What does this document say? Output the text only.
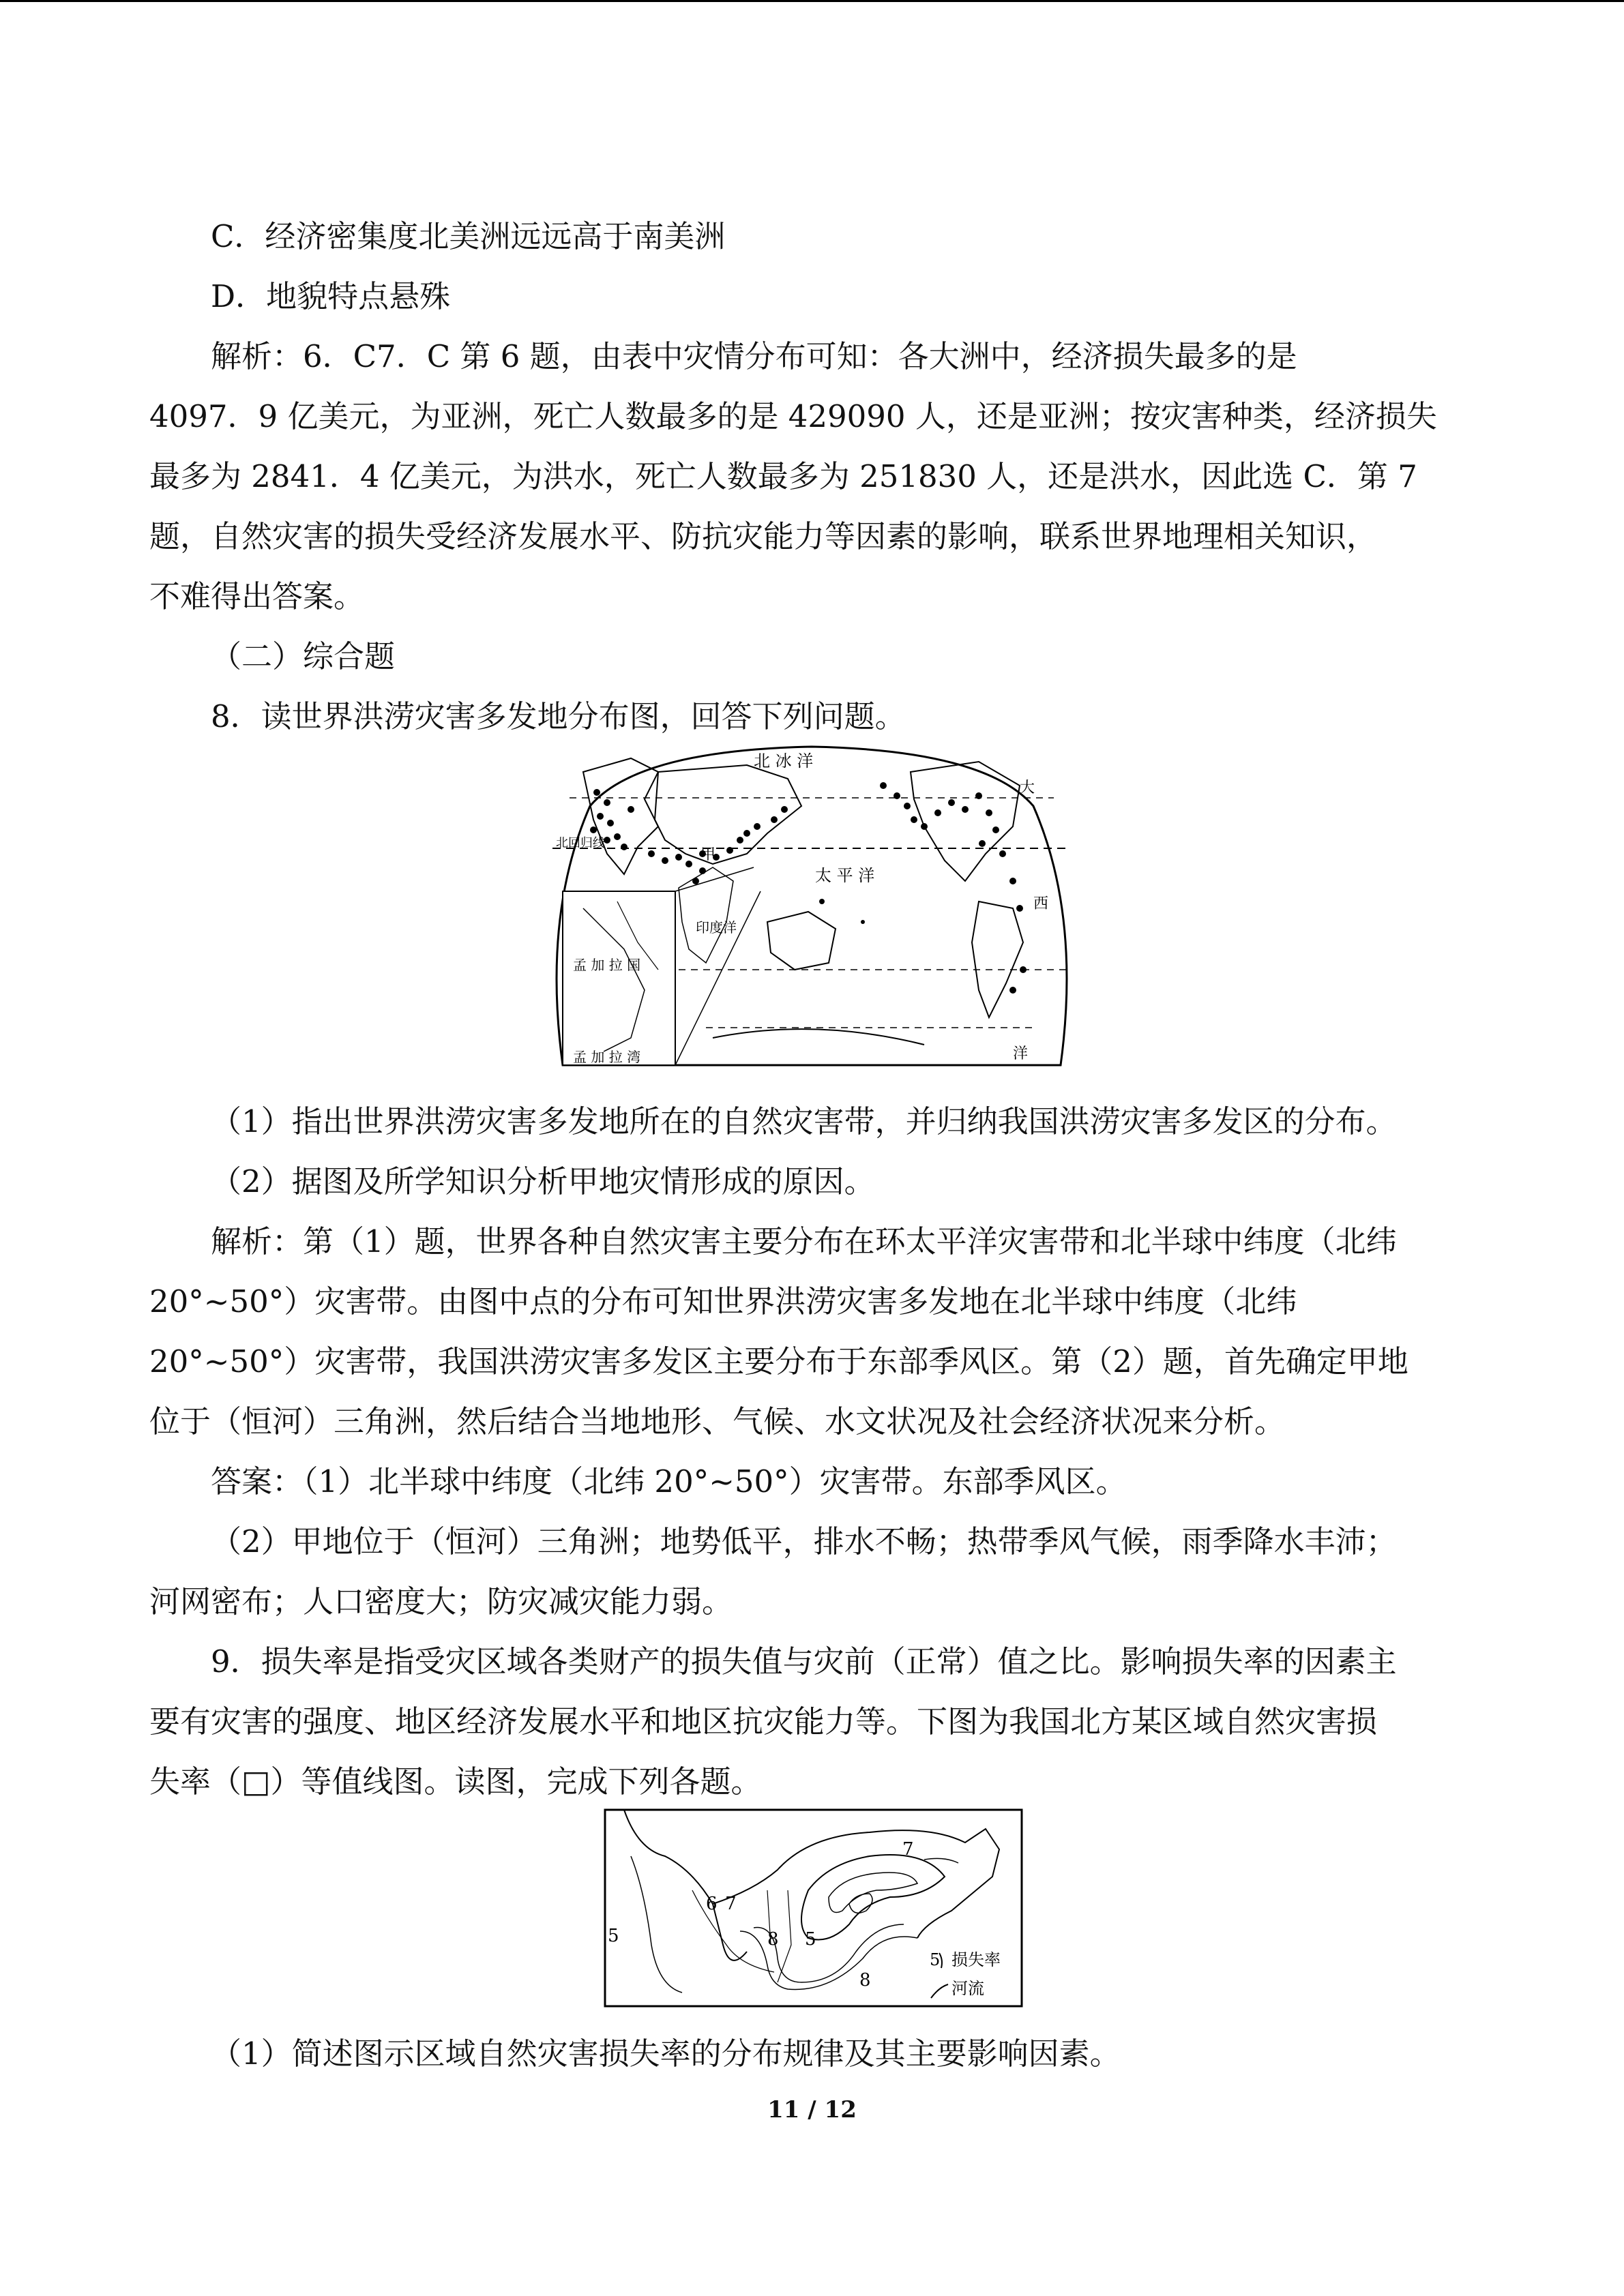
C．经济密集度北美洲远远高于南美洲
D．地貌特点悬殊
解析：6．C7．C 第 6 题，由表中灾情分布可知：各大洲中，经济损失最多的是
4097．9 亿美元，为亚洲，死亡人数最多的是 429090 人，还是亚洲；按灾害种类，经济损失
最多为 2841．4 亿美元，为洪水，死亡人数最多为 251830 人，还是洪水，因此选 C．第 7
题，自然灾害的损失受经济发展水平、防抗灾能力等因素的影响，联系世界地理相关知识，
不难得出答案。
（二）综合题
8．读世界洪涝灾害多发地分布图，回答下列问题。

北 冰 洋
太 平 洋
印度洋
甲
大
西
洋
北回归线
孟 加 拉 国
孟 加 拉 湾

（1）指出世界洪涝灾害多发地所在的自然灾害带，并归纳我国洪涝灾害多发区的分布。
（2）据图及所学知识分析甲地灾情形成的原因。
解析：第（1）题，世界各种自然灾害主要分布在环太平洋灾害带和北半球中纬度（北纬
20°~50°）灾害带。由图中点的分布可知世界洪涝灾害多发地在北半球中纬度（北纬
20°~50°）灾害带，我国洪涝灾害多发区主要分布于东部季风区。第（2）题，首先确定甲地
位于（恒河）三角洲，然后结合当地地形、气候、水文状况及社会经济状况来分析。
答案：（1）北半球中纬度（北纬 20°~50°）灾害带。东部季风区。
（2）甲地位于（恒河）三角洲；地势低平，排水不畅；热带季风气候，雨季降水丰沛；
河网密布；人口密度大；防灾减灾能力弱。
9．损失率是指受灾区域各类财产的损失值与灾前（正常）值之比。影响损失率的因素主
要有灾害的强度、地区经济发展水平和地区抗灾能力等。下图为我国北方某区域自然灾害损
失率（□）等值线图。读图，完成下列各题。

5
6 7
8 5
8
7
5 损失率
河流

（1）简述图示区域自然灾害损失率的分布规律及其主要影响因素。

11 / 12
